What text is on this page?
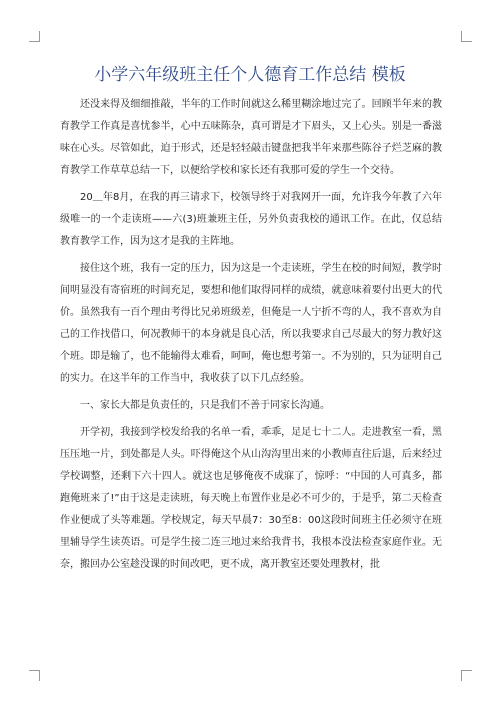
小学六年级班主任个人德育工作总结 模板

还没来得及细细推敲，半年的工作时间就这么稀里糊涂地过完了。回顾半年来的教育教学工作真是喜忧参半，心中五味陈杂，真可谓是才下眉头，又上心头。别是一番滋味在心头。尽管如此，迫于形式，还是轻轻敲击键盘把我半年来那些陈谷子烂芝麻的教育教学工作草草总结一下，以便给学校和家长还有我那可爱的学生一个交待。

20＿年8月，在我的再三请求下，校领导终于对我网开一面，允许我今年教了六年级唯一的一个走读班——六(3)班兼班主任，另外负责我校的通讯工作。在此，仅总结教育教学工作，因为这才是我的主阵地。

接住这个班，我有一定的压力，因为这是一个走读班，学生在校的时间短，教学时间明显没有寄宿班的时间充足，要想和他们取得同样的成绩，就意味着要付出更大的代价。虽然我有一百个理由考得比兄弟班级差，但俺是一人宁折不弯的人，我不喜欢为自己的工作找借口，何况教师干的本身就是良心活，所以我要求自己尽最大的努力教好这个班。即是输了，也不能输得太难看，呵呵，俺也想考第一。不为别的，只为证明自己的实力。在这半年的工作当中，我收获了以下几点经验。

一、家长大都是负责任的，只是我们不善于同家长沟通。

开学初，我接到学校发给我的名单一看，乖乖，足足七十二人。走进教室一看，黑压压地一片，到处都是人头。吓得俺这个从山沟沟里出来的小教师直往后退，后来经过学校调整，还剩下六十四人。就这也足够俺夜不成寐了，惊呼：“中国的人可真多，都跑俺班来了!”由于这是走读班，每天晚上布置作业是必不可少的，于是乎，第二天检查作业便成了头等难题。学校规定，每天早晨7：30至8：00这段时间班主任必须守在班里辅导学生读英语。可是学生接二连三地过来给我背书，我根本没法检查家庭作业。无奈，搬回办公室趁没课的时间改吧，更不成，离开教室还要处理教材，批
